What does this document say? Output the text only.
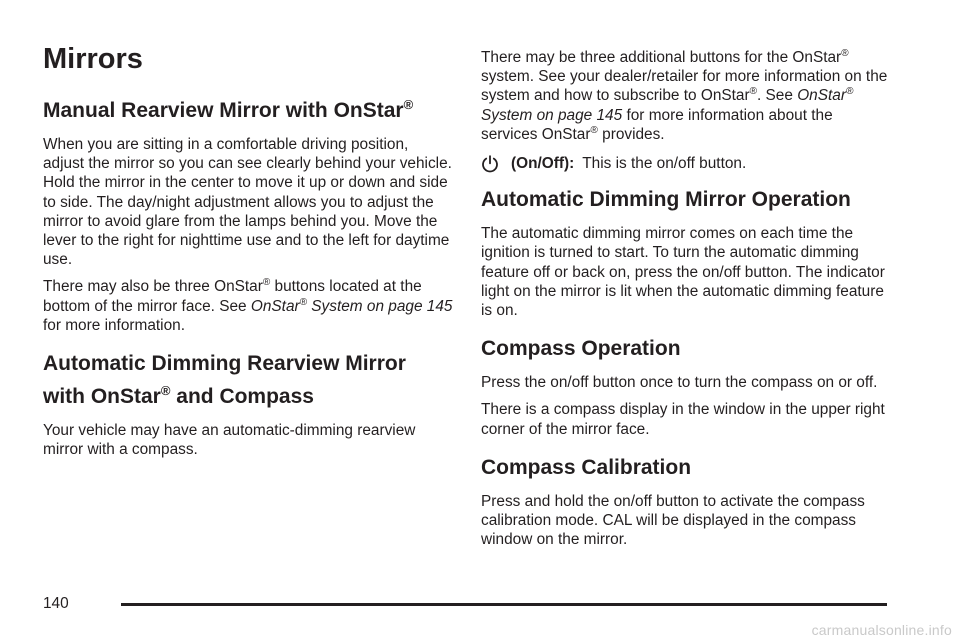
Mirrors
Manual Rearview Mirror with OnStar®

When you are sitting in a comfortable driving position, adjust the mirror so you can see clearly behind your vehicle. Hold the mirror in the center to move it up or down and side to side. The day/night adjustment allows you to adjust the mirror to avoid glare from the lamps behind you. Move the lever to the right for nighttime use and to the left for daytime use.

There may also be three OnStar® buttons located at the bottom of the mirror face. See OnStar® System on page 145 for more information.

Automatic Dimming Rearview Mirror with OnStar® and Compass

Your vehicle may have an automatic-dimming rearview mirror with a compass.

There may be three additional buttons for the OnStar® system. See your dealer/retailer for more information on the system and how to subscribe to OnStar®. See OnStar® System on page 145 for more information about the services OnStar® provides.

(On/Off): This is the on/off button.
Automatic Dimming Mirror Operation

The automatic dimming mirror comes on each time the ignition is turned to start. To turn the automatic dimming feature off or back on, press the on/off button. The indicator light on the mirror is lit when the automatic dimming feature is on.

Compass Operation

Press the on/off button once to turn the compass on or off.

There is a compass display in the window in the upper right corner of the mirror face.

Compass Calibration

Press and hold the on/off button to activate the compass calibration mode. CAL will be displayed in the compass window on the mirror.

140
carmanualsonline.info
